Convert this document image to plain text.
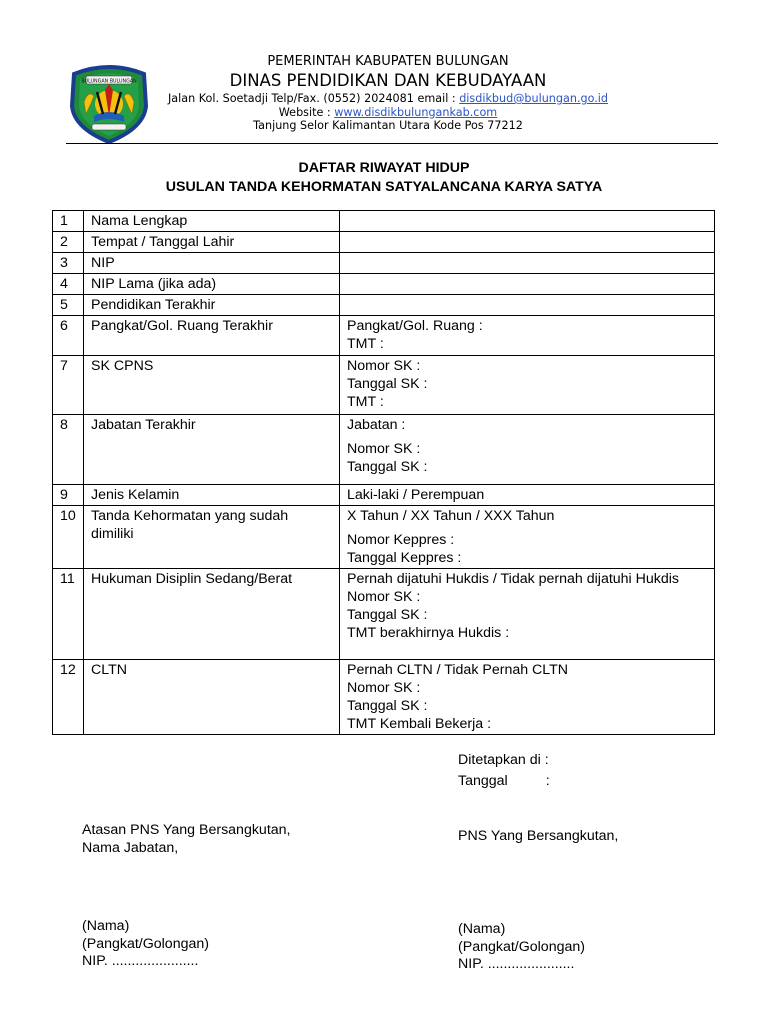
BULUNGAN BULUNGAN
PEMERINTAH KABUPATEN BULUNGAN
DINAS PENDIDIKAN DAN KEBUDAYAAN
Jalan Kol. Soetadji Telp/Fax. (0552) 2024081 email : disdikbud@bulungan.go.id
Website : www.disdikbulungankab.com
Tanjung Selor Kalimantan Utara Kode Pos 77212
DAFTAR RIWAYAT HIDUP
USULAN TANDA KEHORMATAN SATYALANCANA KARYA SATYA
1	Nama Lengkap	
2	Tempat / Tanggal Lahir	
3	NIP	
4	NIP Lama (jika ada)	
5	Pendidikan Terakhir	
6	Pangkat/Gol. Ruang Terakhir	Pangkat/Gol. Ruang :
TMT :

7	SK CPNS	Nomor SK :
Tanggal SK :
TMT :

8	Jabatan Terakhir	Jabatan :
Nomor SK :
Tanggal SK :

9	Jenis Kelamin	Laki-laki / Perempuan

10	Tanda Kehormatan yang sudah dimiliki	X Tahun / XX Tahun / XXX Tahun
Nomor Keppres :
Tanggal Keppres :

11	Hukuman Disiplin Sedang/Berat	Pernah dijatuhi Hukdis / Tidak pernah dijatuhi Hukdis
Nomor SK :
Tanggal SK :
TMT berakhirnya Hukdis :

12	CLTN	Pernah CLTN / Tidak Pernah CLTN
Nomor SK :
Tanggal SK :
TMT Kembali Bekerja :
Ditetapkan di :
Tanggal	:
Atasan PNS Yang Bersangkutan,
Nama Jabatan,
PNS Yang Bersangkutan,
(Nama)
(Pangkat/Golongan)
NIP. ......................
(Nama)
(Pangkat/Golongan)
NIP. ......................
